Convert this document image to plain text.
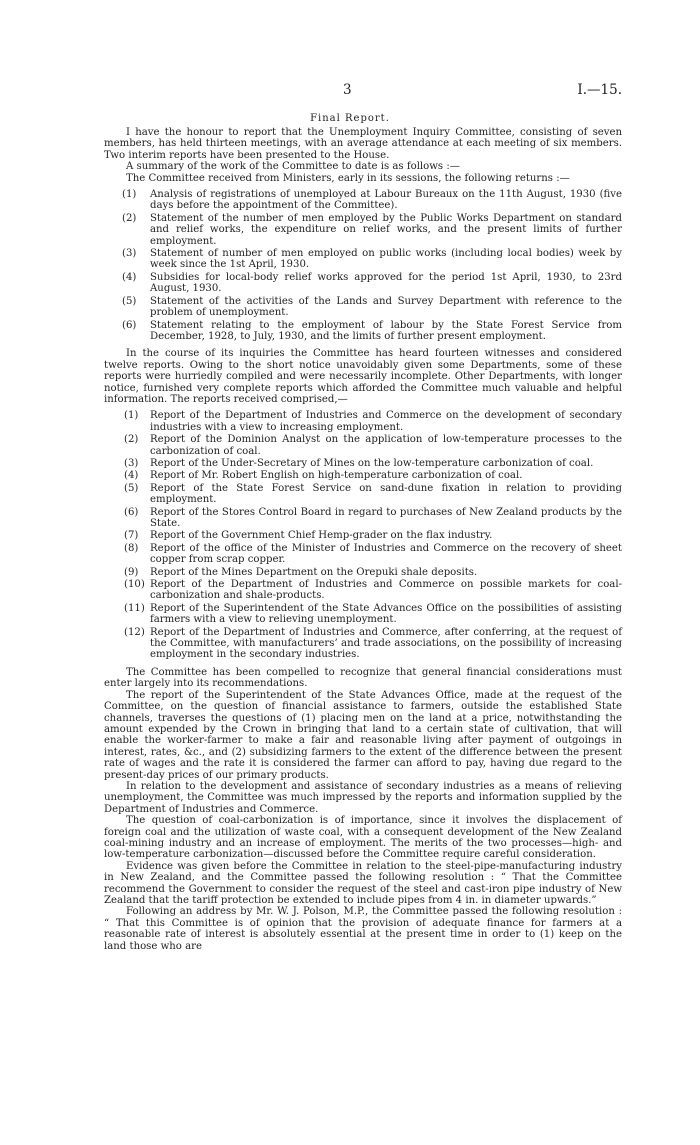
3	I.—15.
Final Report.

I have the honour to report that the Unemployment Inquiry Committee, consisting of seven members, has held thirteen meetings, with an average attendance at each meeting of six members. Two interim reports have been presented to the House.

A summary of the work of the Committee to date is as follows :—

The Committee received from Ministers, early in its sessions, the following returns :—

(1) Analysis of registrations of unemployed at Labour Bureaux on the 11th August, 1930 (five days before the appointment of the Committee).
(2) Statement of the number of men employed by the Public Works Department on standard and relief works, the expenditure on relief works, and the present limits of further employment.
(3) Statement of number of men employed on public works (including local bodies) week by week since the 1st April, 1930.
(4) Subsidies for local-body relief works approved for the period 1st April, 1930, to 23rd August, 1930.
(5) Statement of the activities of the Lands and Survey Department with reference to the problem of unemployment.
(6) Statement relating to the employment of labour by the State Forest Service from December, 1928, to July, 1930, and the limits of further present employment.

In the course of its inquiries the Committee has heard fourteen witnesses and considered twelve reports. Owing to the short notice unavoidably given some Departments, some of these reports were hurriedly compiled and were necessarily incomplete. Other Departments, with longer notice, furnished very complete reports which afforded the Committee much valuable and helpful information. The reports received comprised,—

(1) Report of the Department of Industries and Commerce on the development of secondary industries with a view to increasing employment.
(2) Report of the Dominion Analyst on the application of low-temperature processes to the carbonization of coal.
(3) Report of the Under-Secretary of Mines on the low-temperature carbonization of coal.
(4) Report of Mr. Robert English on high-temperature carbonization of coal.
(5) Report of the State Forest Service on sand-dune fixation in relation to providing employment.
(6) Report of the Stores Control Board in regard to purchases of New Zealand products by the State.
(7) Report of the Government Chief Hemp-grader on the flax industry.
(8) Report of the office of the Minister of Industries and Commerce on the recovery of sheet copper from scrap copper.
(9) Report of the Mines Department on the Orepuki shale deposits.
(10) Report of the Department of Industries and Commerce on possible markets for coal-carbonization and shale-products.
(11) Report of the Superintendent of the State Advances Office on the possibilities of assisting farmers with a view to relieving unemployment.
(12) Report of the Department of Industries and Commerce, after conferring, at the request of the Committee, with manufacturers’ and trade associations, on the possibility of increasing employment in the secondary industries.

The Committee has been compelled to recognize that general financial considerations must enter largely into its recommendations.

The report of the Superintendent of the State Advances Office, made at the request of the Committee, on the question of financial assistance to farmers, outside the established State channels, traverses the questions of (1) placing men on the land at a price, notwithstanding the amount expended by the Crown in bringing that land to a certain state of cultivation, that will enable the worker-farmer to make a fair and reasonable living after payment of outgoings in interest, rates, &c., and (2) subsidizing farmers to the extent of the difference between the present rate of wages and the rate it is considered the farmer can afford to pay, having due regard to the present-day prices of our primary products.

In relation to the development and assistance of secondary industries as a means of relieving unemployment, the Committee was much impressed by the reports and information supplied by the Department of Industries and Commerce.

The question of coal-carbonization is of importance, since it involves the displacement of foreign coal and the utilization of waste coal, with a consequent development of the New Zealand coal-mining industry and an increase of employment. The merits of the two processes—high- and low-temperature carbonization—discussed before the Committee require careful consideration.

Evidence was given before the Committee in relation to the steel-pipe-manufacturing industry in New Zealand, and the Committee passed the following resolution : “ That the Committee recommend the Government to consider the request of the steel and cast-iron pipe industry of New Zealand that the tariff protection be extended to include pipes from 4 in. in diameter upwards.”

Following an address by Mr. W. J. Polson, M.P., the Committee passed the following resolution : “ That this Committee is of opinion that the provision of adequate finance for farmers at a reasonable rate of interest is absolutely essential at the present time in order to (1) keep on the land those who are
